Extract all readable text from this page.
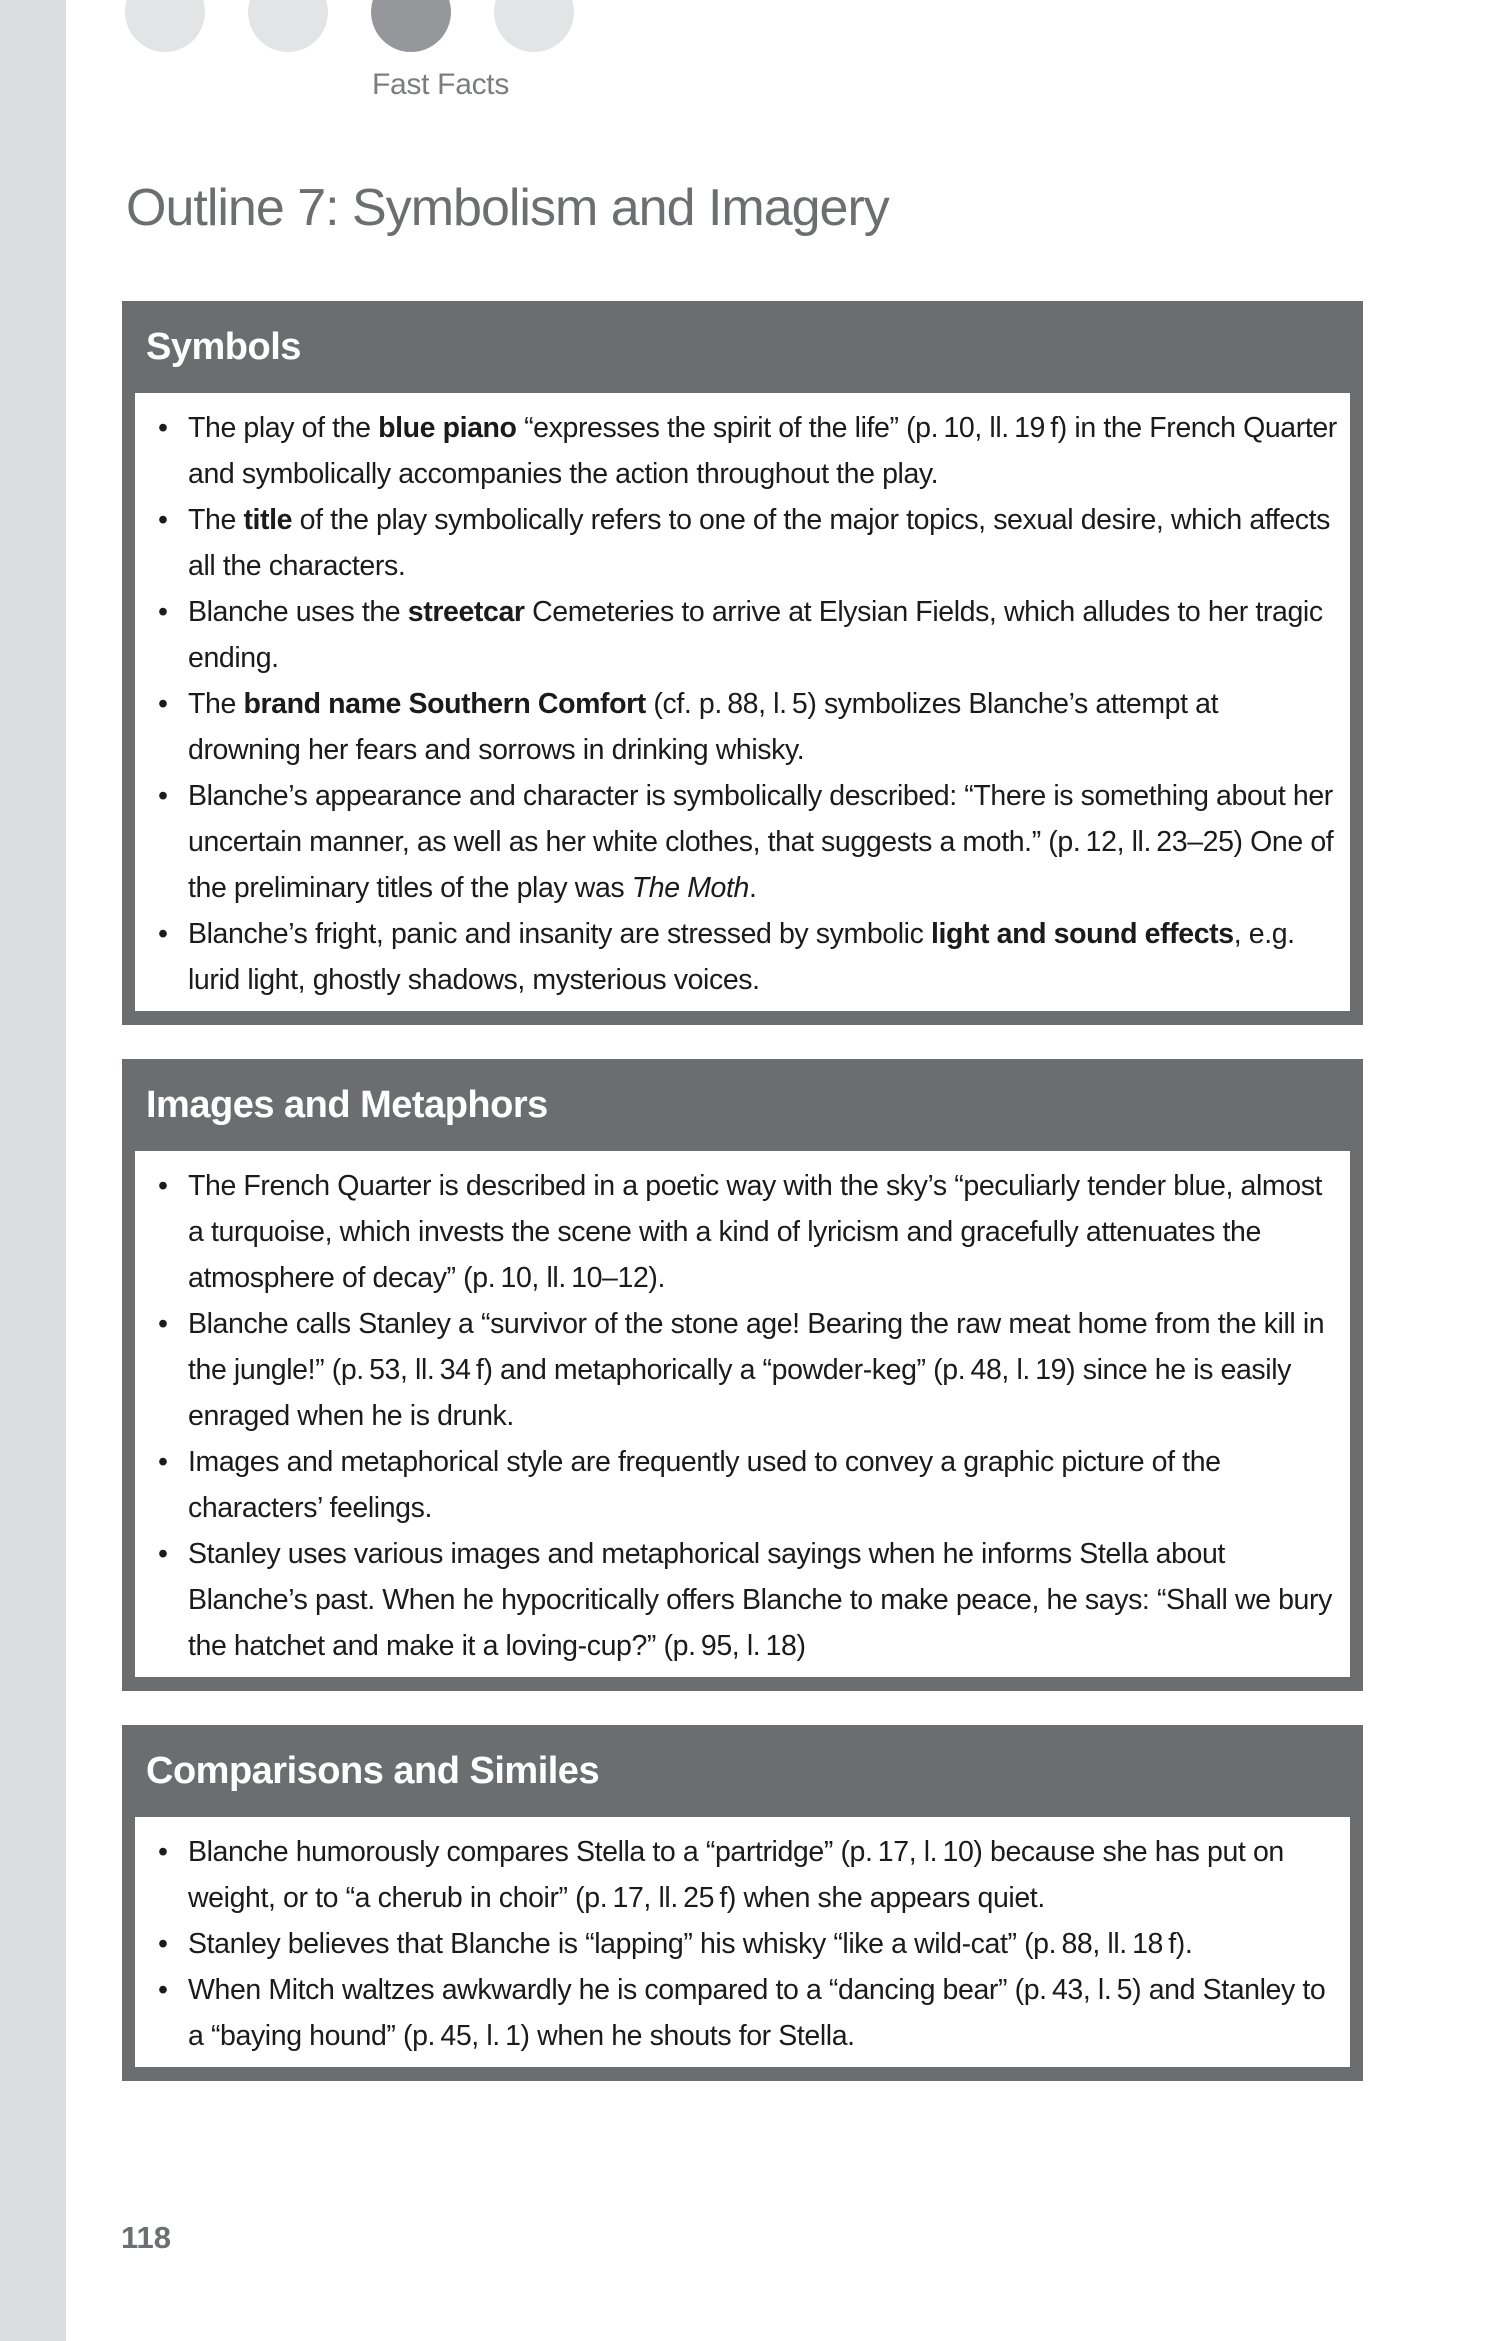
Fast Facts
Outline 7: Symbolism and Imagery
Symbols
• The play of the blue piano “expresses the spirit of the life” (p. 10, ll. 19 f) in the French Quarter and symbolically accompanies the action throughout the play.
• The title of the play symbolically refers to one of the major topics, sexual desire, which affects all the characters.
• Blanche uses the streetcar Cemeteries to arrive at Elysian Fields, which alludes to her tragic ending.
• The brand name Southern Comfort (cf. p. 88, l. 5) symbolizes Blanche’s attempt at drowning her fears and sorrows in drinking whisky.
• Blanche’s appearance and character is symbolically described: “There is something about her uncertain manner, as well as her white clothes, that suggests a moth.” (p. 12, ll. 23–25) One of the preliminary titles of the play was The Moth.
• Blanche’s fright, panic and insanity are stressed by symbolic light and sound effects, e.g. lurid light, ghostly shadows, mysterious voices.
Images and Metaphors
• The French Quarter is described in a poetic way with the sky’s “peculiarly tender blue, almost a turquoise, which invests the scene with a kind of lyricism and gracefully attenuates the atmosphere of decay” (p. 10, ll. 10–12).
• Blanche calls Stanley a “survivor of the stone age! Bearing the raw meat home from the kill in the jungle!” (p. 53, ll. 34 f) and metaphorically a “powder-keg” (p. 48, l. 19) since he is easily enraged when he is drunk.
• Images and metaphorical style are frequently used to convey a graphic picture of the characters’ feelings.
• Stanley uses various images and metaphorical sayings when he informs Stella about Blanche’s past. When he hypocritically offers Blanche to make peace, he says: “Shall we bury the hatchet and make it a loving-cup?” (p. 95, l. 18)
Comparisons and Similes
• Blanche humorously compares Stella to a “partridge” (p. 17, l. 10) because she has put on weight, or to “a cherub in choir” (p. 17, ll. 25 f) when she appears quiet.
• Stanley believes that Blanche is “lapping” his whisky “like a wild-cat” (p. 88, ll. 18 f).
• When Mitch waltzes awkwardly he is compared to a “dancing bear” (p. 43, l. 5) and Stanley to a “baying hound” (p. 45, l. 1) when he shouts for Stella.
118
